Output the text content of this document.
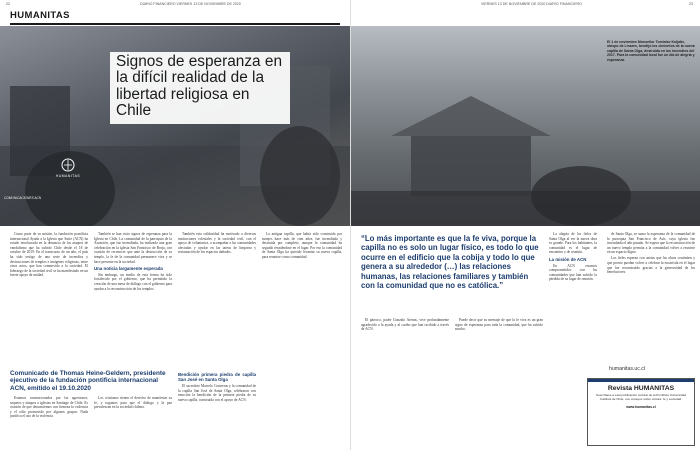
22	DIARIO FINANCIERO VIERNES 13 DE NOVIEMBRE DE 2020
HUMANITAS
Signos de esperanza en la difícil realidad de la libertad religiosa en Chile
HUMANITAS
COMUNICACIONES ACN

Como parte de su misión, la fundación pontificia internacional Ayuda a la Iglesia que Sufre (ACN) ha estado involucrada en la denuncia de los ataques de vandalismo que ha sufrido Chile desde el 18 de octubre de 2019. En el transcurso de un año, el país ha sido testigo de una serie de incendios y destrucciones de templos e imágenes religiosas, entre otros actos, que han conmovido a la sociedad. El liderazgo de la sociedad civil se ha manifestado en un fuerte apoyo de unidad.

También se han visto signos de esperanza para la Iglesia en Chile. La comunidad de la parroquia de la Asunción, que fue incendiada, ha realizado una gran celebración en la iglesia San Francisco de Borja, con ocasión de reconocer que ante la destrucción de su templo, la fe de la comunidad permanece viva y se hace presente en la sociedad.

Una noticia largamente esperada

Sin embargo, un medio de esta forma ha sido fortalecido por el gobierno, que ha permitido la creación de una mesa de diálogo con el gobierno para ayudar a la reconstrucción de los templos.

También esta solidaridad ha motivado a diversas instituciones eclesiales y la sociedad civil, con el apoyo de voluntarios, a acompañar a las comunidades afectadas y ayudar en las tareas de limpieza y restauración de los espacios dañados.

La antigua capilla, que había sido construida por monjes hace más de cien años, fue incendiada y destruida por completo, aunque la comunidad ha seguido reuniéndose en el lugar. Por eso la comunidad de Santa Olga ha querido levantar su nueva capilla, para reunirse como comunidad.

Comunicado de Thomas Heine-Geldern, presidente ejecutivo de la fundación pontificia internacional ACN, emitido el 19.10.2020

Estamos conmocionados por las agresiones, saqueos y ataques a iglesias en Santiago de Chile. Es ocasión de que denunciemos con firmeza la violencia y el odio promovido por algunos grupos. Nada justifica el uso de la violencia.

Los cristianos tienen el derecho de manifestar su fe, y rogamos para que el diálogo y la paz prevalezcan en la sociedad chilena.

Bendición primera piedra de capilla San José en Santa Olga

El sacerdote Marcelo Contreras y la comunidad de la capilla San José de Santa Olga, celebraron con emoción la bendición de la primera piedra de su nueva capilla, construida con el apoyo de ACN.

VIERNES 13 DE NOVIEMBRE DE 2020 DIARIO FINANCIERO	23
El 1 de noviembre Monseñor Tomislav Koljatic, obispo de Linares, bendijo los cimientos de la nueva capilla de Santa Olga, destruida en los incendios del 2017. Para la comunidad local fue un día de alegría y esperanza.
“Lo más importante es que la fe viva, porque la capilla no es solo un lugar físico, es todo lo que ocurre en el edificio que la cobija y todo lo que genera a su alrededor (…) las relaciones humanas, las relaciones familiares y también con la comunidad que no es católica.”

El párroco, padre Gonzalo Arenas, vive profundamente agradecido a la ayuda y al cariño que han recibido a través de ACN.

Puede decir que su mensaje de que la fe viva es un gran signo de esperanza para toda la comunidad, que ha sufrido mucho.

La alegría de los fieles de Santa Olga al ver la nueva obra es grande. Para los habitantes, la comunidad es el lugar de encuentro y de reunión.

La misión de ACN

En ACN estamos comprometidos con las comunidades que han sufrido la pérdida de su lugar de reunión.

de Santa Olga, se suma la esperanza de la comunidad de la parroquia San Francisco de Asís, cuya iglesia fue incendiada el año pasado. Se espera que la reconstrucción de un nuevo templo permita a la comunidad volver a reunirse en un espacio digno.

Los fieles esperan con ansias que las obras continúen y que pronto puedan volver a celebrar la eucaristía en el lugar que fue reconstruido gracias a la generosidad de los benefactores.

humanitas.uc.cl
Revista HUMANITAS
Suscríbase a esta publicación cultural de la Pontificia Universidad Católica de Chile, con ensayos sobre cultura, fe y sociedad.
www.humanitas.cl
